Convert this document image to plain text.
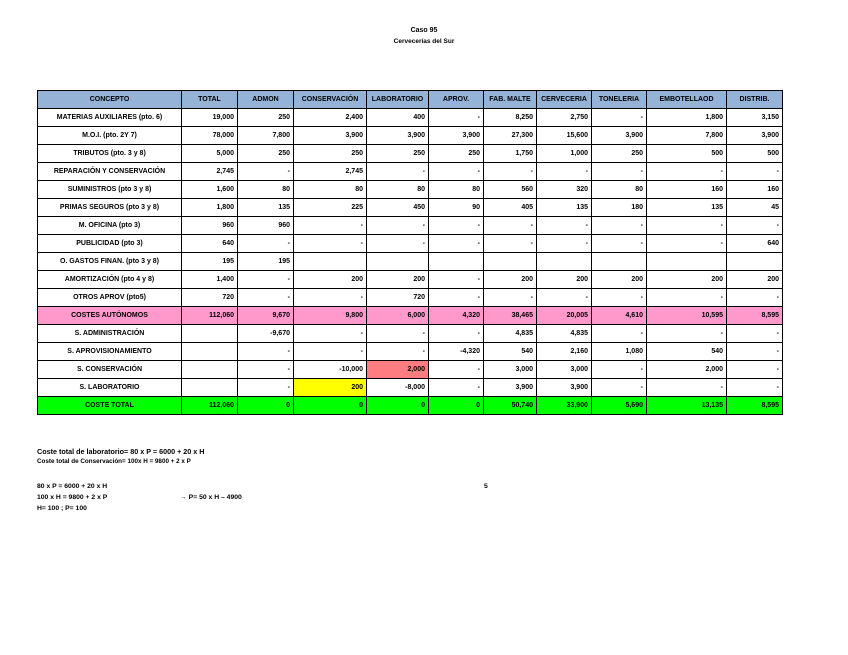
Caso 95
Cervecerías del Sur
CONCEPTO	TOTAL	ADMON	CONSERVACIÓN	LABORATORIO	APROV.	FAB. MALTE	CERVECERIA	TONELERIA	EMBOTELLAOD	DISTRIB.
MATERIAS AUXILIARES (pto. 6)	19,000	250	2,400	400	-	8,250	2,750	-	1,800	3,150
M.O.I. (pto. 2Y 7)	78,000	7,800	3,900	3,900	3,900	27,300	15,600	3,900	7,800	3,900
TRIBUTOS (pto. 3 y 8)	5,000	250	250	250	250	1,750	1,000	250	500	500
REPARACIÓN Y CONSERVACIÓN	2,745	-	2,745	-	-	-	-	-	-	-
SUMINISTROS (pto 3 y 8)	1,600	80	80	80	80	560	320	80	160	160
PRIMAS SEGUROS (pto 3 y 8)	1,800	135	225	450	90	405	135	180	135	45
M. OFICINA (pto 3)	960	960	-	-	-	-	-	-	-	-
PUBLICIDAD (pto 3)	640	-	-	-	-	-	-	-	-	640
O. GASTOS FINAN. (pto 3 y 8)	195	195								
AMORTIZACIÓN (pto 4 y 8)	1,400	-	200	200	-	200	200	200	200	200
OTROS APROV (pto5)	720	-	-	720	-	-	-	-	-	-
COSTES AUTÓNOMOS	112,060	9,670	9,800	6,000	4,320	38,465	20,005	4,610	10,595	8,595
S. ADMINISTRACIÓN		-9,670	-	-	-	4,835	4,835	-	-	-
S. APROVISIONAMIENTO		-	-	-	-4,320	540	2,160	1,080	540	-
S. CONSERVACIÓN		-	-10,000	2,000	-	3,000	3,000	-	2,000	-
S. LABORATORIO		-	200	-8,000	-	3,900	3,900	-	-	-
COSTE TOTAL	112,060	0	0	0	0	50,740	33,900	5,690	13,135	8,595
Coste total de laboratorio= 80 x P = 6000 + 20 x H
Coste total de Conservación= 100x H = 9800 + 2 x P
80 x P = 6000 + 20 x H
100 x H = 9800 + 2 x P
H= 100 ; P= 100
→ P= 50 x H – 4900
5
